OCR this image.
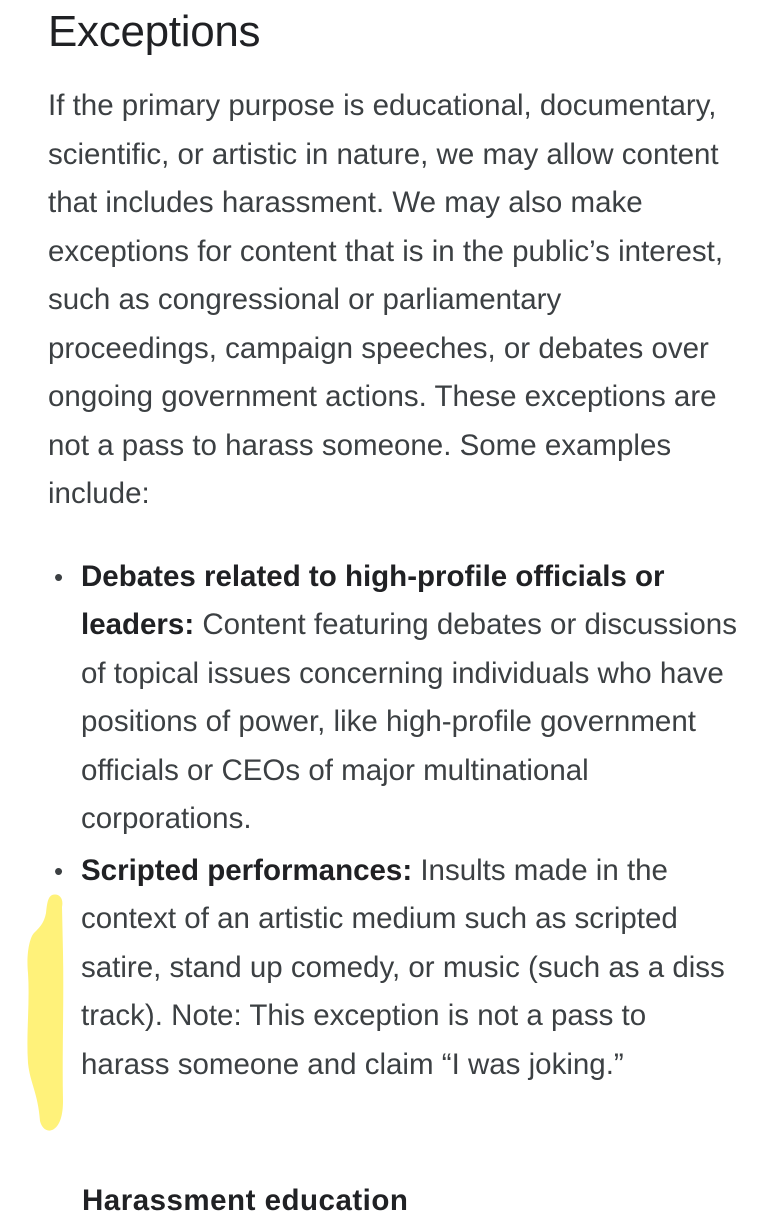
Exceptions

If the primary purpose is educational, documentary, scientific, or artistic in nature, we may allow content that includes harassment. We may also make exceptions for content that is in the public’s interest, such as congressional or parliamentary proceedings, campaign speeches, or debates over ongoing government actions. These exceptions are not a pass to harass someone. Some examples include:

• Debates related to high-profile officials or leaders: Content featuring debates or discussions of topical issues concerning individuals who have positions of power, like high-profile government officials or CEOs of major multinational corporations.
• Scripted performances: Insults made in the context of an artistic medium such as scripted satire, stand up comedy, or music (such as a diss track). Note: This exception is not a pass to harass someone and claim “I was joking.”
Harassment education
